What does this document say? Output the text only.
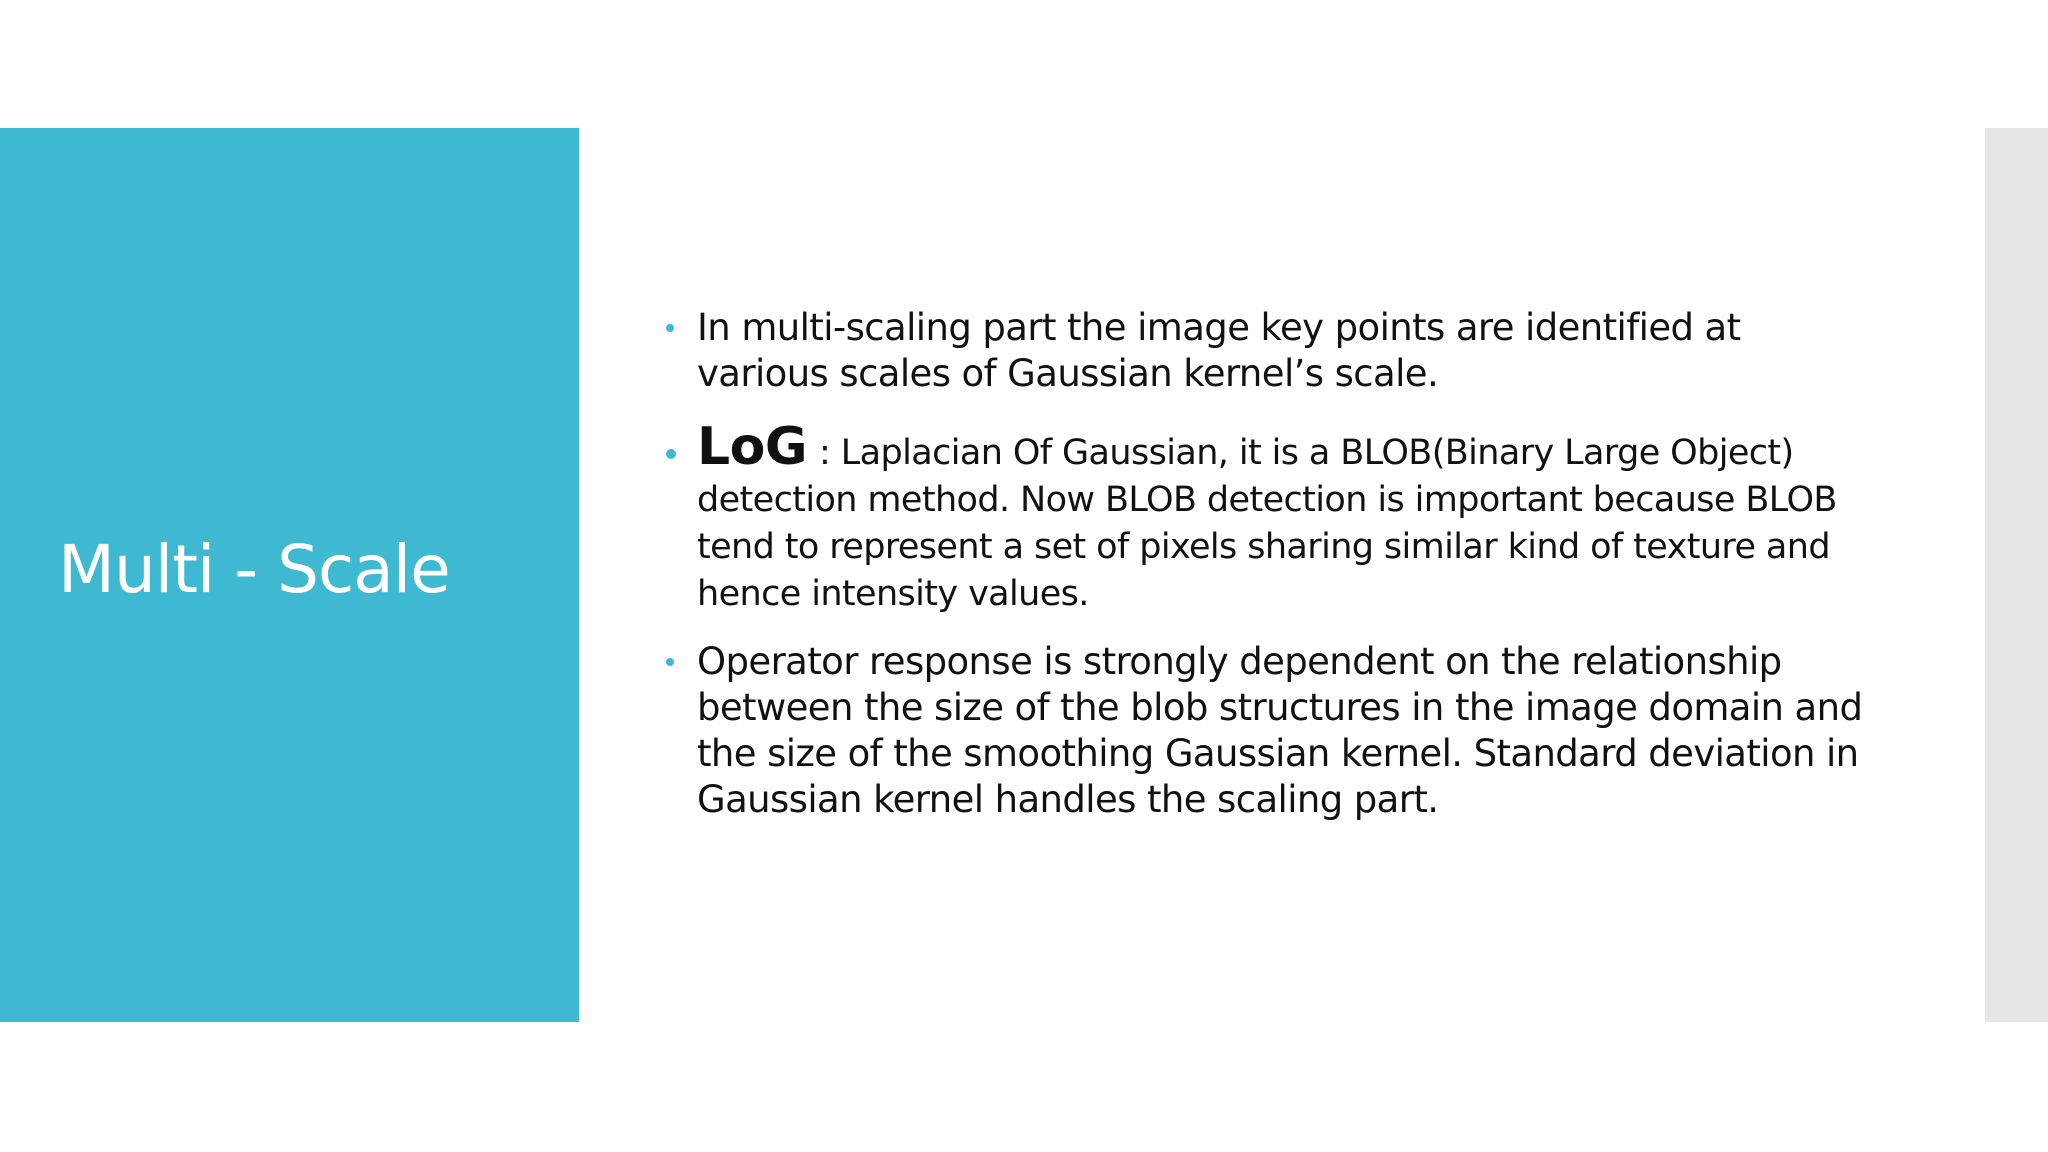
Multi - Scale
In multi-scaling part the image key points are identified at various scales of Gaussian kernel’s scale.
LoG : Laplacian Of Gaussian, it is a BLOB(Binary Large Object) detection method. Now BLOB detection is important because BLOB tend to represent a set of pixels sharing similar kind of texture and hence intensity values.
Operator response is strongly dependent on the relationship between the size of the blob structures in the image domain and the size of the smoothing Gaussian kernel. Standard deviation in Gaussian kernel handles the scaling part.
